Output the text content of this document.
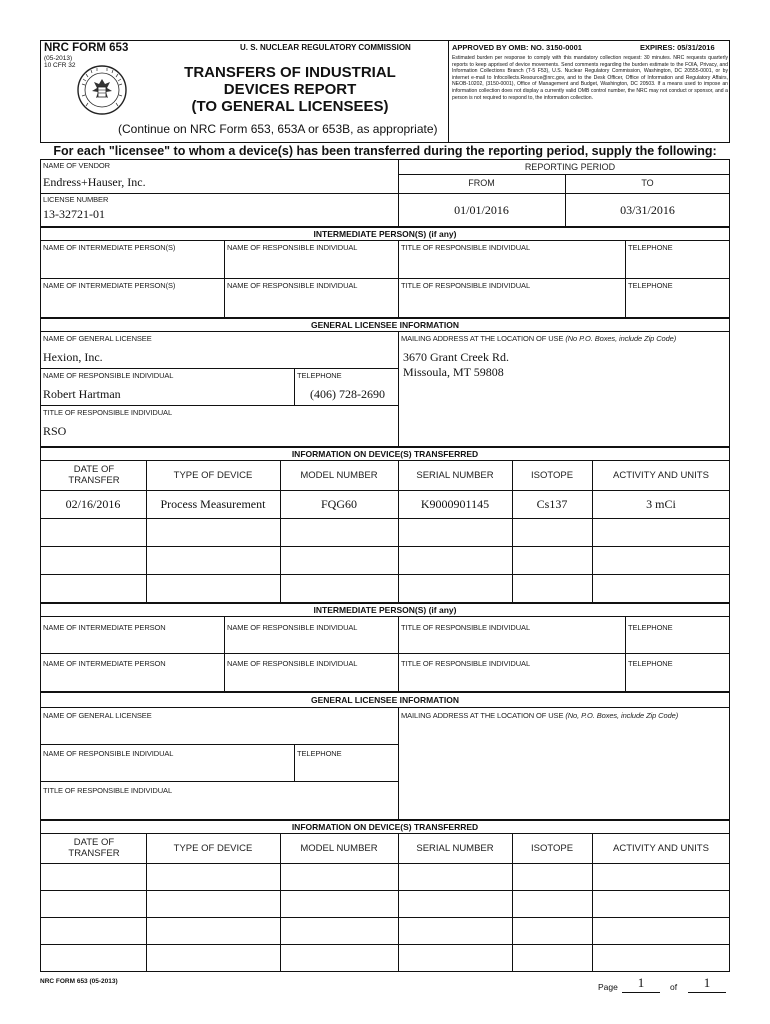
NRC FORM 653
(05-2013)
10 CFR 32
U. S. NUCLEAR REGULATORY COMMISSION
TRANSFERS OF INDUSTRIAL
DEVICES REPORT
(TO GENERAL LICENSEES)
(Continue on NRC Form 653, 653A or 653B, as appropriate)
APPROVED BY OMB: NO. 3150-0001	EXPIRES: 05/31/2016
Estimated burden per response to comply with this mandatory collection request: 30 minutes. NRC requests quarterly reports to keep apprised of device movements. Send comments regarding the burden estimate to the FOIA, Privacy, and Information Collections Branch (T-5 F53), U.S. Nuclear Regulatory Commission, Washington, DC 20555-0001, or by internet e-mail to Infocollects.Resource@nrc.gov, and to the Desk Officer, Office of Information and Regulatory Affairs, NEOB-10202, (3150-0001), Office of Management and Budget, Washington, DC 20503. If a means used to impose an information collection does not display a currently valid OMB control number, the NRC may not conduct or sponsor, and a person is not required to respond to, the information collection.
For each "licensee" to whom a device(s) has been transferred during the reporting period, supply the following:
NAME OF VENDOR
Endress+Hauser, Inc.
LICENSE NUMBER
13-32721-01
REPORTING PERIOD
FROM	TO
01/01/2016	03/31/2016
INTERMEDIATE PERSON(S) (if any)
NAME OF INTERMEDIATE PERSON(S)	NAME OF RESPONSIBLE INDIVIDUAL	TITLE OF RESPONSIBLE INDIVIDUAL	TELEPHONE
NAME OF INTERMEDIATE PERSON(S)	NAME OF RESPONSIBLE INDIVIDUAL	TITLE OF RESPONSIBLE INDIVIDUAL	TELEPHONE
GENERAL LICENSEE INFORMATION
NAME OF GENERAL LICENSEE
Hexion, Inc.
NAME OF RESPONSIBLE INDIVIDUAL
Robert Hartman
TELEPHONE
(406) 728-2690
TITLE OF RESPONSIBLE INDIVIDUAL
RSO
MAILING ADDRESS AT THE LOCATION OF USE (No P.O. Boxes, include Zip Code)
3670 Grant Creek Rd.
Missoula, MT 59808
INFORMATION ON DEVICE(S) TRANSFERRED
DATE OF TRANSFER	TYPE OF DEVICE	MODEL NUMBER	SERIAL NUMBER	ISOTOPE	ACTIVITY AND UNITS
02/16/2016	Process Measurement	FQG60	K9000901145	Cs137	3 mCi
INTERMEDIATE PERSON(S) (if any)
NAME OF INTERMEDIATE PERSON	NAME OF RESPONSIBLE INDIVIDUAL	TITLE OF RESPONSIBLE INDIVIDUAL	TELEPHONE
NAME OF INTERMEDIATE PERSON	NAME OF RESPONSIBLE INDIVIDUAL	TITLE OF RESPONSIBLE INDIVIDUAL	TELEPHONE
GENERAL LICENSEE INFORMATION
NAME OF GENERAL LICENSEE
NAME OF RESPONSIBLE INDIVIDUAL	TELEPHONE
TITLE OF RESPONSIBLE INDIVIDUAL
MAILING ADDRESS AT THE LOCATION OF USE (No, P.O. Boxes, include Zip Code)
INFORMATION ON DEVICE(S) TRANSFERRED
DATE OF TRANSFER	TYPE OF DEVICE	MODEL NUMBER	SERIAL NUMBER	ISOTOPE	ACTIVITY AND UNITS
NRC FORM 653 (05-2013)
Page	1	of	1
